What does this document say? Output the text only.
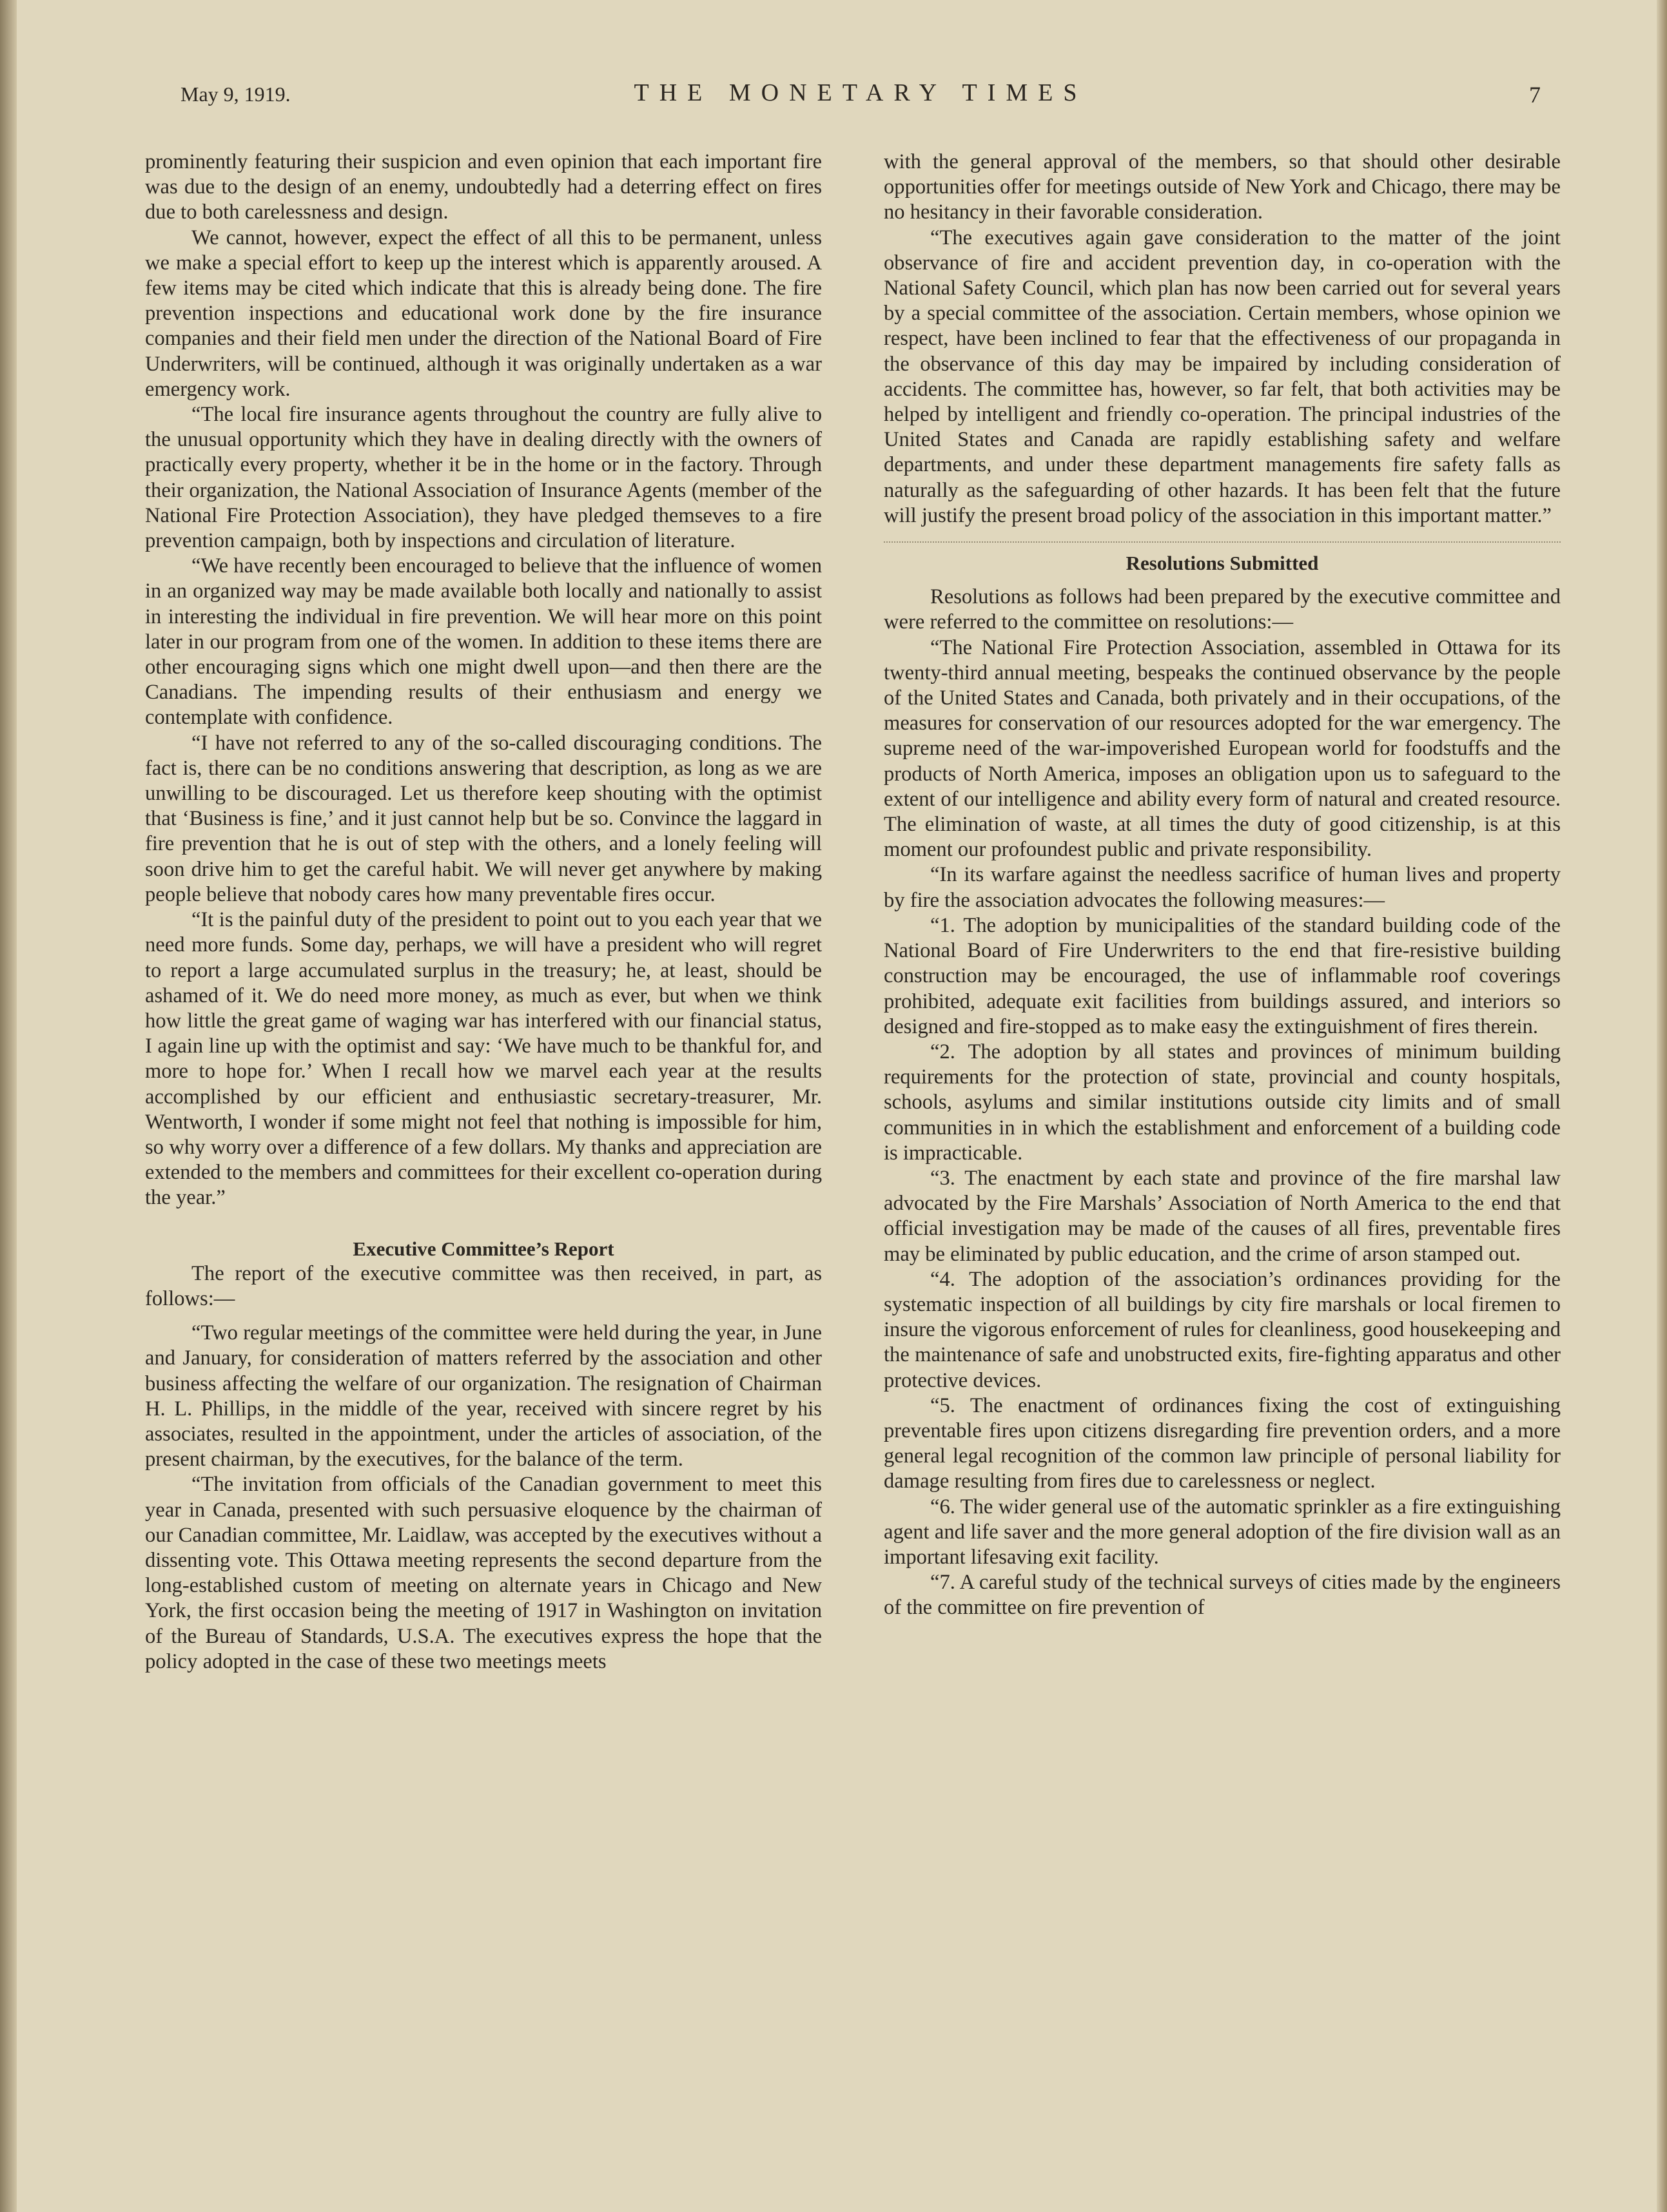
May 9, 1919.	THE MONETARY TIMES	7

prominently featuring their suspicion and even opinion that each important fire was due to the design of an enemy, undoubtedly had a deterring effect on fires due to both carelessness and design.

We cannot, however, expect the effect of all this to be permanent, unless we make a special effort to keep up the interest which is apparently aroused. A few items may be cited which indicate that this is already being done. The fire prevention inspections and educational work done by the fire insurance companies and their field men under the direction of the National Board of Fire Underwriters, will be continued, although it was originally undertaken as a war emergency work.

“The local fire insurance agents throughout the country are fully alive to the unusual opportunity which they have in dealing directly with the owners of practically every property, whether it be in the home or in the factory. Through their organization, the National Association of Insurance Agents (member of the National Fire Protection Association), they have pledged themseves to a fire prevention campaign, both by inspections and circulation of literature.

“We have recently been encouraged to believe that the influence of women in an organized way may be made available both locally and nationally to assist in interesting the individual in fire prevention. We will hear more on this point later in our program from one of the women. In addition to these items there are other encouraging signs which one might dwell upon—and then there are the Canadians. The impending results of their enthusiasm and energy we contemplate with confidence.

“I have not referred to any of the so-called discouraging conditions. The fact is, there can be no conditions answering that description, as long as we are unwilling to be discouraged. Let us therefore keep shouting with the optimist that ‘Business is fine,’ and it just cannot help but be so. Convince the laggard in fire prevention that he is out of step with the others, and a lonely feeling will soon drive him to get the careful habit. We will never get anywhere by making people believe that nobody cares how many preventable fires occur.

“It is the painful duty of the president to point out to you each year that we need more funds. Some day, perhaps, we will have a president who will regret to report a large accumulated surplus in the treasury; he, at least, should be ashamed of it. We do need more money, as much as ever, but when we think how little the great game of waging war has interfered with our financial status, I again line up with the optimist and say: ‘We have much to be thankful for, and more to hope for.’ When I recall how we marvel each year at the results accomplished by our efficient and enthusiastic secretary-treasurer, Mr. Wentworth, I wonder if some might not feel that nothing is impossible for him, so why worry over a difference of a few dollars. My thanks and appreciation are extended to the members and committees for their excellent co-operation during the year.”

Executive Committee’s Report

The report of the executive committee was then received, in part, as follows:—

“Two regular meetings of the committee were held during the year, in June and January, for consideration of matters referred by the association and other business affecting the welfare of our organization. The resignation of Chairman H. L. Phillips, in the middle of the year, received with sincere regret by his associates, resulted in the appointment, under the articles of association, of the present chairman, by the executives, for the balance of the term.

“The invitation from officials of the Canadian government to meet this year in Canada, presented with such persuasive eloquence by the chairman of our Canadian committee, Mr. Laidlaw, was accepted by the executives without a dissenting vote. This Ottawa meeting represents the second departure from the long-established custom of meeting on alternate years in Chicago and New York, the first occasion being the meeting of 1917 in Washington on invitation of the Bureau of Standards, U.S.A. The executives express the hope that the policy adopted in the case of these two meetings meets

with the general approval of the members, so that should other desirable opportunities offer for meetings outside of New York and Chicago, there may be no hesitancy in their favorable consideration.

“The executives again gave consideration to the matter of the joint observance of fire and accident prevention day, in co-operation with the National Safety Council, which plan has now been carried out for several years by a special committee of the association. Certain members, whose opinion we respect, have been inclined to fear that the effectiveness of our propaganda in the observance of this day may be impaired by including consideration of accidents. The committee has, however, so far felt, that both activities may be helped by intelligent and friendly co-operation. The principal industries of the United States and Canada are rapidly establishing safety and welfare departments, and under these department managements fire safety falls as naturally as the safeguarding of other hazards. It has been felt that the future will justify the present broad policy of the association in this important matter.”

Resolutions Submitted

Resolutions as follows had been prepared by the executive committee and were referred to the committee on resolutions:—

“The National Fire Protection Association, assembled in Ottawa for its twenty-third annual meeting, bespeaks the continued observance by the people of the United States and Canada, both privately and in their occupations, of the measures for conservation of our resources adopted for the war emergency. The supreme need of the war-impoverished European world for foodstuffs and the products of North America, imposes an obligation upon us to safeguard to the extent of our intelligence and ability every form of natural and created resource. The elimination of waste, at all times the duty of good citizenship, is at this moment our profoundest public and private responsibility.

“In its warfare against the needless sacrifice of human lives and property by fire the association advocates the following measures:—

“1. The adoption by municipalities of the standard building code of the National Board of Fire Underwriters to the end that fire-resistive building construction may be encouraged, the use of inflammable roof coverings prohibited, adequate exit facilities from buildings assured, and interiors so designed and fire-stopped as to make easy the extinguishment of fires therein.

“2. The adoption by all states and provinces of minimum building requirements for the protection of state, provincial and county hospitals, schools, asylums and similar institutions outside city limits and of small communities in in which the establishment and enforcement of a building code is impracticable.

“3. The enactment by each state and province of the fire marshal law advocated by the Fire Marshals’ Association of North America to the end that official investigation may be made of the causes of all fires, preventable fires may be eliminated by public education, and the crime of arson stamped out.

“4. The adoption of the association’s ordinances providing for the systematic inspection of all buildings by city fire marshals or local firemen to insure the vigorous enforcement of rules for cleanliness, good housekeeping and the maintenance of safe and unobstructed exits, fire-fighting apparatus and other protective devices.

“5. The enactment of ordinances fixing the cost of extinguishing preventable fires upon citizens disregarding fire prevention orders, and a more general legal recognition of the common law principle of personal liability for damage resulting from fires due to carelessness or neglect.

“6. The wider general use of the automatic sprinkler as a fire extinguishing agent and life saver and the more general adoption of the fire division wall as an important lifesaving exit facility.

“7. A careful study of the technical surveys of cities made by the engineers of the committee on fire prevention of
